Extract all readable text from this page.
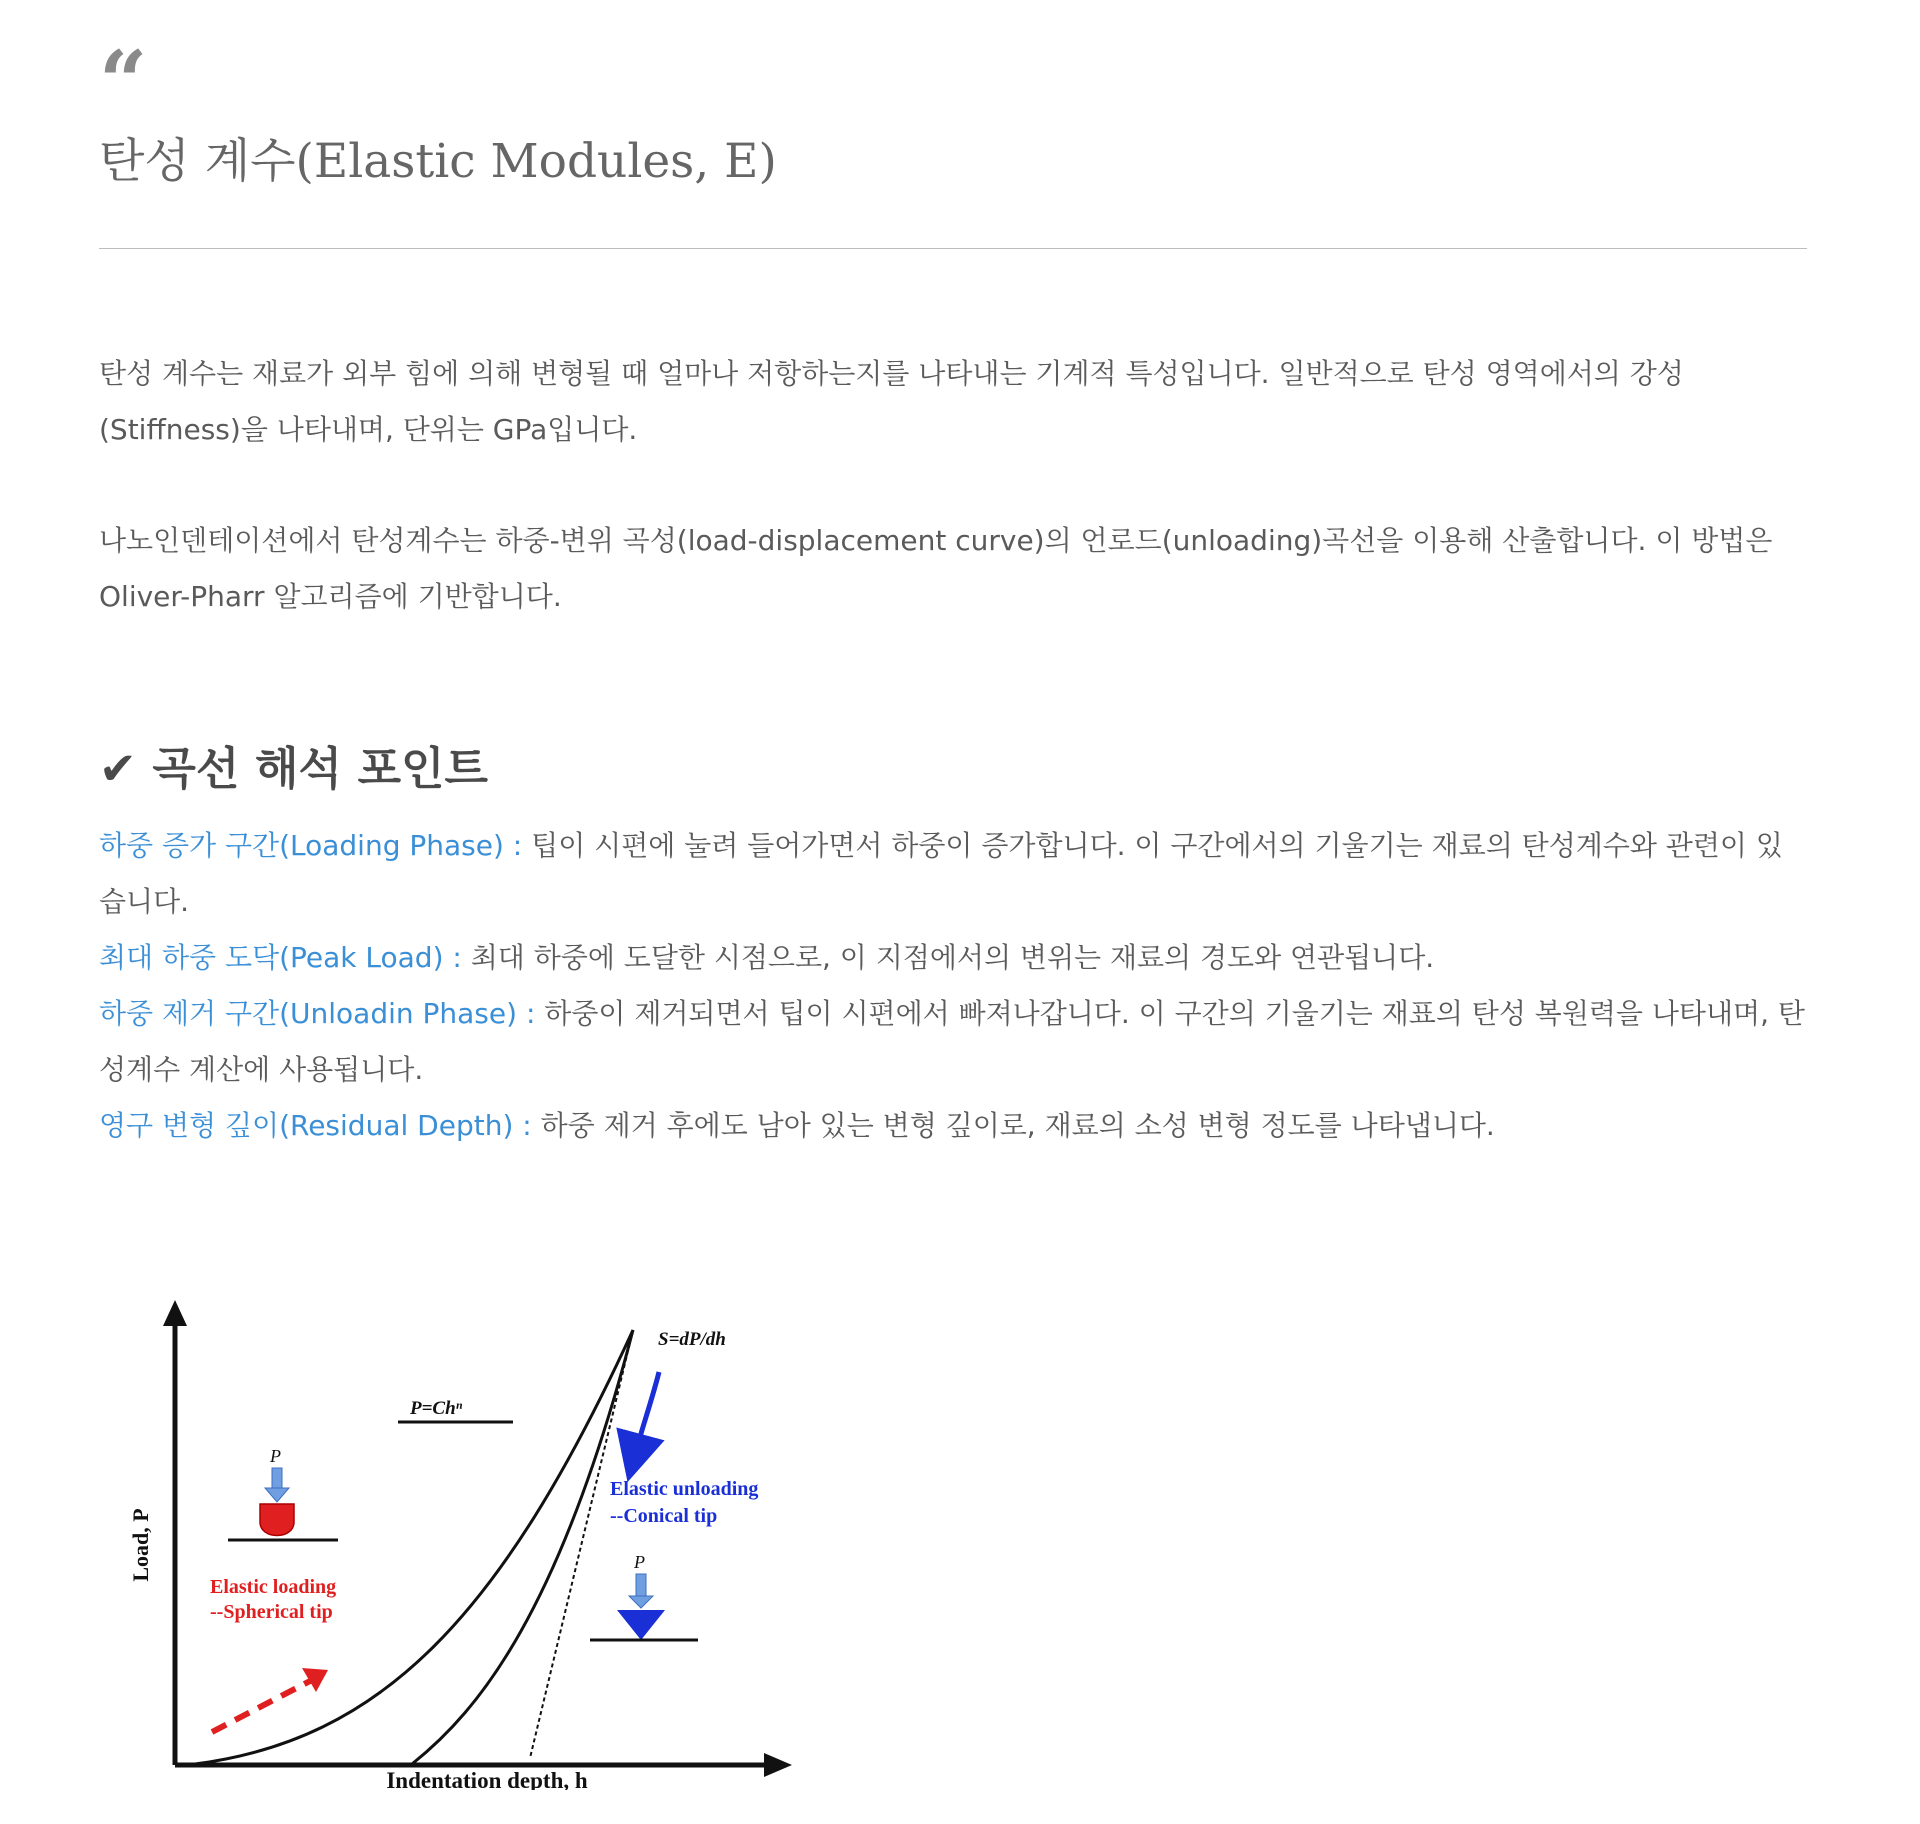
“
탄성 계수(Elastic Modules, E)

탄성 계수는 재료가 외부 힘에 의해 변형될 때 얼마나 저항하는지를 나타내는 기계적 특성입니다. 일반적으로 탄성 영역에서의 강성(Stiffness)을 나타내며, 단위는 GPa입니다.

나노인덴테이션에서 탄성계수는 하중-변위 곡성(load-displacement curve)의 언로드(unloading)곡선을 이용해 산출합니다. 이 방법은 Oliver-Pharr 알고리즘에 기반합니다.

✔ 곡선 해석 포인트

하중 증가 구간(Loading Phase) : 팁이 시편에 눌려 들어가면서 하중이 증가합니다. 이 구간에서의 기울기는 재료의 탄성계수와 관련이 있습니다.

최대 하중 도닥(Peak Load) : 최대 하중에 도달한 시점으로, 이 지점에서의 변위는 재료의 경도와 연관됩니다.

하중 제거 구간(Unloadin Phase) : 하중이 제거되면서 팁이 시편에서 빠져나갑니다. 이 구간의 기울기는 재표의 탄성 복원력을 나타내며, 탄성계수 계산에 사용됩니다.

영구 변형 깊이(Residual Depth) : 하중 제거 후에도 남아 있는 변형 깊이로, 재료의 소성 변형 정도를 나타냅니다.

Load, P
Indentation depth, h
P=Chⁿ
S=dP/dh
Elastic unloading
--Conical tip
P
Elastic loading
--Spherical tip
P
